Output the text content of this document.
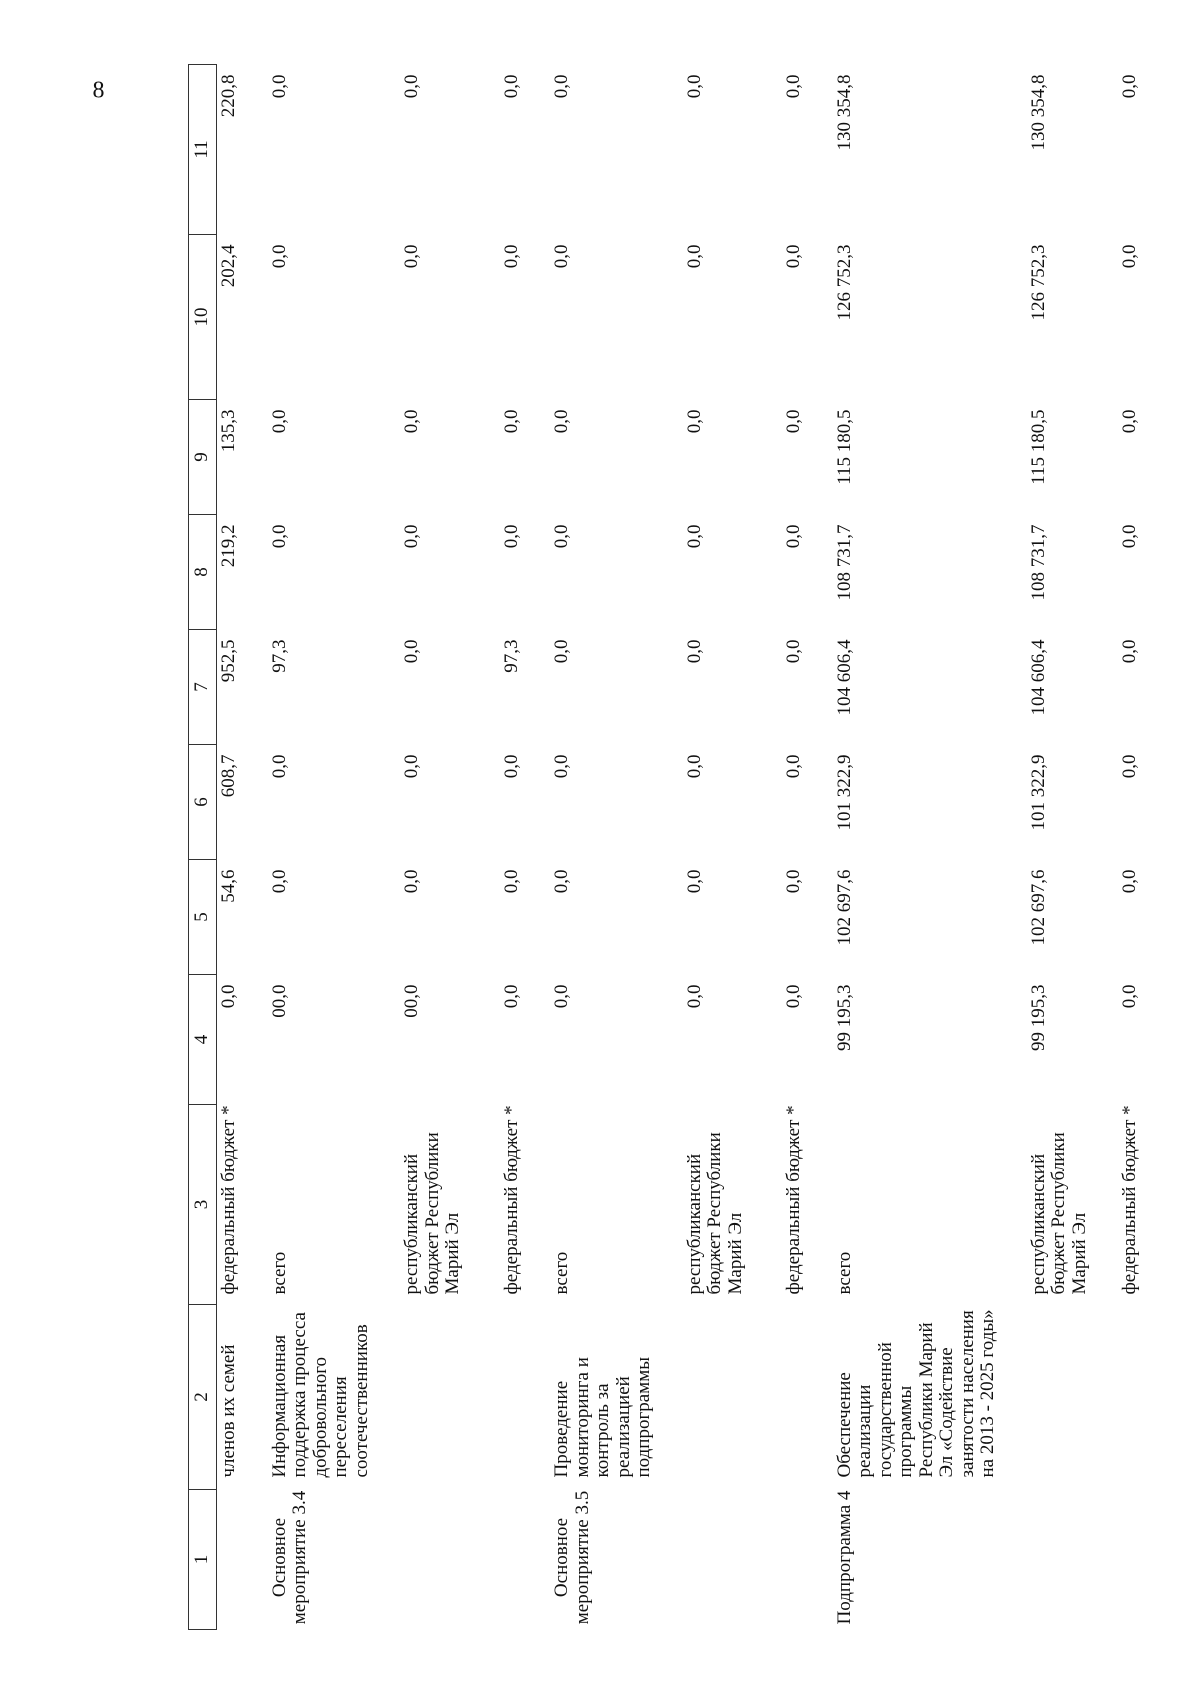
8
1	2	3	4	5	6	7	8	9	10	11
	членов их семей	федеральный бюджет *	0,0	54,6	608,7	952,5	219,2	135,3	202,4	220,8

Основное мероприятие 3.4	Информационная поддержка процесса добровольного переселения соотечественников	всего	00,0	0,0	0,0	97,3	0,0	0,0	0,0	0,0

		республиканский бюджет Республики Марий Эл	00,0	0,0	0,0	0,0	0,0	0,0	0,0	0,0

		федеральный бюджет *	0,0	0,0	0,0	97,3	0,0	0,0	0,0	0,0

Основное мероприятие 3.5	Проведение мониторинга и контроль за реализацией подпрограммы	всего	0,0	0,0	0,0	0,0	0,0	0,0	0,0	0,0

		республиканский бюджет Республики Марий Эл	0,0	0,0	0,0	0,0	0,0	0,0	0,0	0,0

		федеральный бюджет *	0,0	0,0	0,0	0,0	0,0	0,0	0,0	0,0

Подпрограмма 4	Обеспечение реализации государственной программы Республики Марий Эл «Содействие занятости населения на 2013 - 2025 годы»	всего	99 195,3	102 697,6	101 322,9	104 606,4	108 731,7	115 180,5	126 752,3	130 354,8

		республиканский бюджет Республики Марий Эл	99 195,3	102 697,6	101 322,9	104 606,4	108 731,7	115 180,5	126 752,3	130 354,8

		федеральный бюджет *	0,0	0,0	0,0	0,0	0,0	0,0	0,0	0,0
